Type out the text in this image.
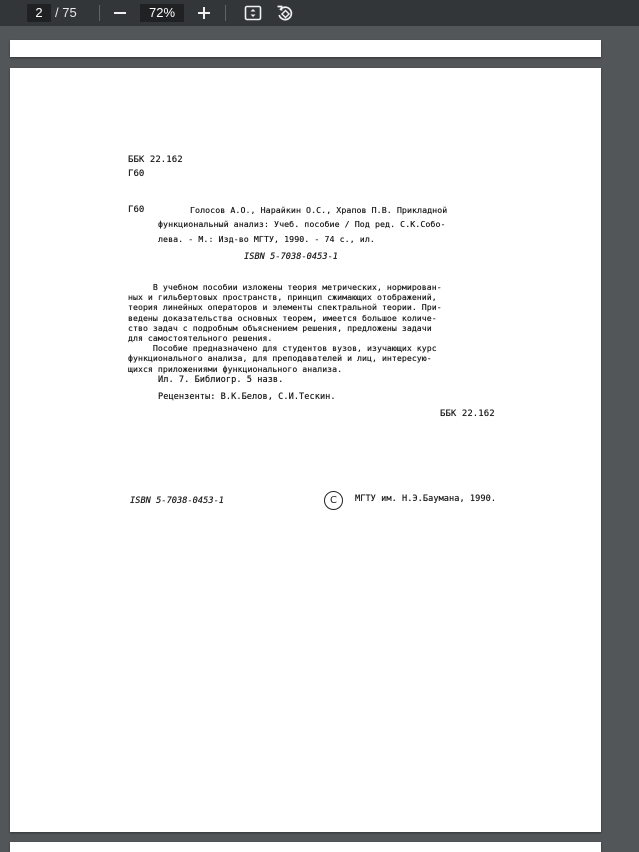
2 / 75	72%
ББК 22.162
Г60
Г60	Голосов А.О., Нарайкин О.С., Храпов П.В. Прикладной
функциональный анализ: Учеб. пособие / Под ред. С.К.Собо-
лева. - М.: Изд-во МГТУ, 1990. - 74 с., ил.
ISBN 5-7038-0453-1
В учебном пособии изложены теория метрических, нормирован-
ных и гильбертовых пространств, принцип сжимающих отображений,
теория линейных операторов и элементы спектральной теории. При-
ведены доказательства основных теорем, имеется большое количе-
ство задач с подробным объяснением решения, предложены задачи
для самостоятельного решения.
Пособие предназначено для студентов вузов, изучающих курс
функционального анализа, для преподавателей и лиц, интересую-
щихся приложениями функционального анализа.
Ил. 7. Библиогр. 5 назв.
Рецензенты: В.К.Белов, С.И.Тескин.
ББК 22.162
ISBN 5-7038-0453-1	C	МГТУ им. Н.Э.Баумана, 1990.
